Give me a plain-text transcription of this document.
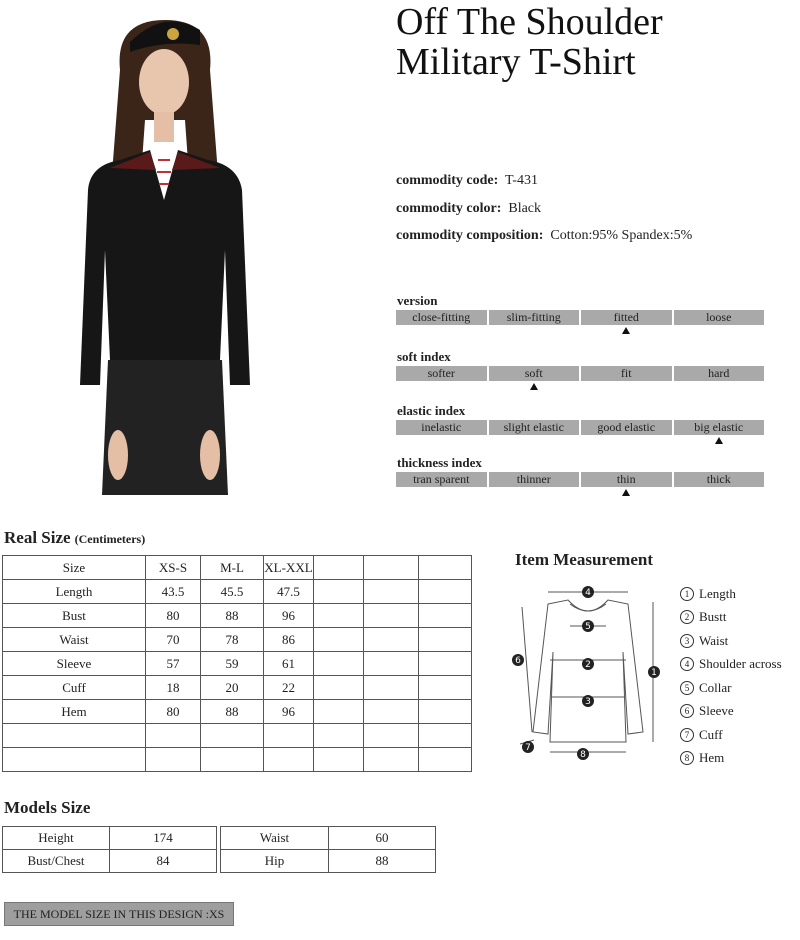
Off The Shoulder
Military T-Shirt
commodity code: T-431
commodity color: Black
commodity composition: Cotton:95% Spandex:5%
version
close-fitting	slim-fitting	fitted	loose
soft index
softer	soft	fit	hard
elastic index
inelastic	slight elastic	good elastic	big elastic
thickness index
tran sparent	thinner	thin	thick
Real Size (Centimeters)
Size	XS-S	M-L	XL-XXL			
Length	43.5	45.5	47.5			
Bust	80	88	96			
Waist	70	78	86			
Sleeve	57	59	61			
Cuff	18	20	22			
Hem	80	88	96			

Item Measurement
4
5
2
3
1
6
7
8
1 Length
2 Bustt
3 Waist
4 Shoulder across
5 Collar
6 Sleeve
7 Cuff
8 Hem
Models Size
Height	174		Waist	60
Bust/Chest	84		Hip	88
THE MODEL SIZE IN THIS DESIGN :XS
